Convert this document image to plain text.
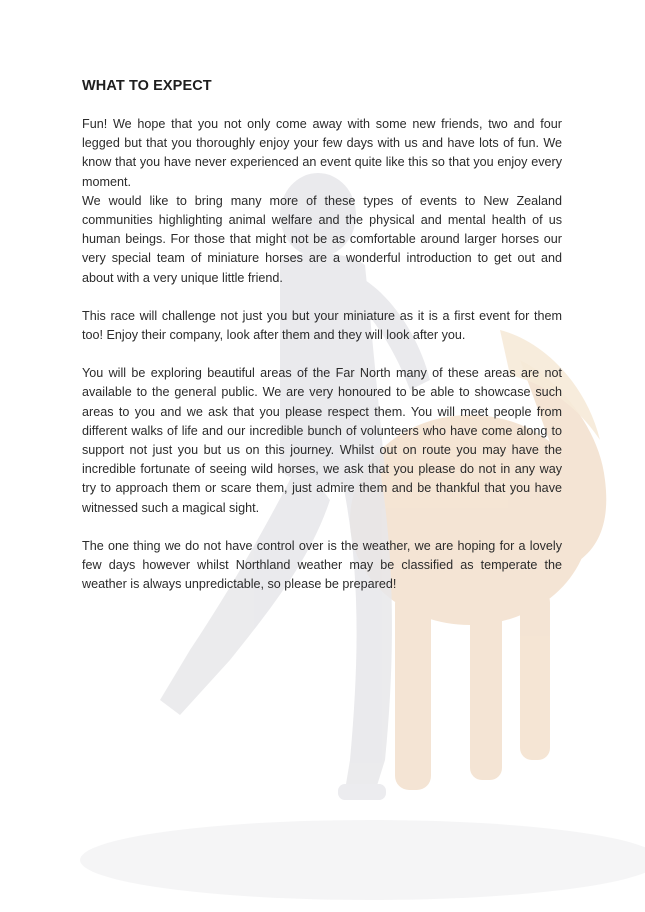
WHAT TO EXPECT

Fun! We hope that you not only come away with some new friends, two and four legged but that you thoroughly enjoy your few days with us and have lots of fun. We know that you have never experienced an event quite like this so that you enjoy every moment.

We would like to bring many more of these types of events to New Zealand communities highlighting animal welfare and the physical and mental health of us human beings. For those that might not be as comfortable around larger horses our very special team of miniature horses are a wonderful introduction to get out and about with a very unique little friend.

This race will challenge not just you but your miniature as it is a first event for them too! Enjoy their company, look after them and they will look after you.

You will be exploring beautiful areas of the Far North many of these areas are not available to the general public. We are very honoured to be able to showcase such areas to you and we ask that you please respect them. You will meet people from different walks of life and our incredible bunch of volunteers who have come along to support not just you but us on this journey. Whilst out on route you may have the incredible fortunate of seeing wild horses, we ask that you please do not in any way try to approach them or scare them, just admire them and be thankful that you have witnessed such a magical sight.

The one thing we do not have control over is the weather, we are hoping for a lovely few days however whilst Northland weather may be classified as temperate the weather is always unpredictable, so please be prepared!
